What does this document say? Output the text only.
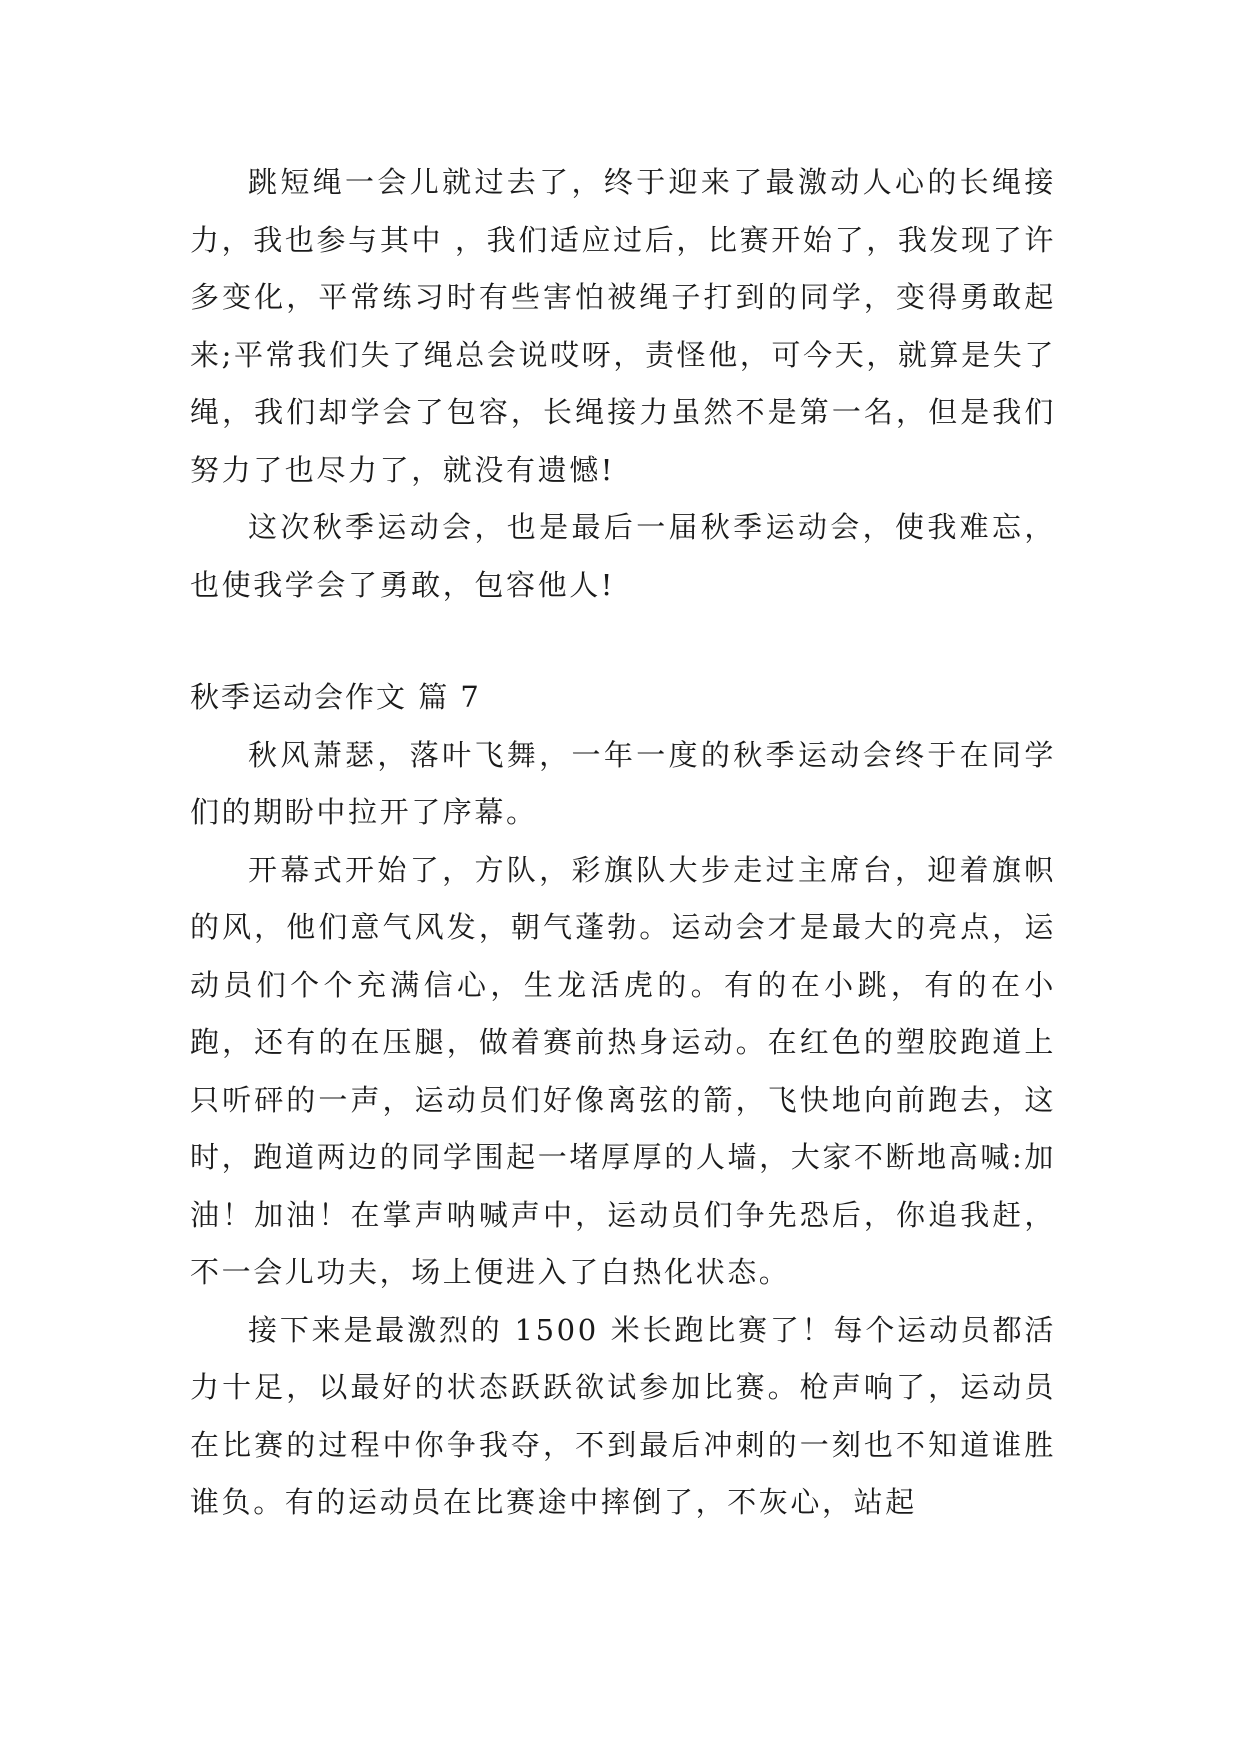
跳短绳一会儿就过去了，终于迎来了最激动人心的长绳接力，我也参与其中 ，我们适应过后，比赛开始了，我发现了许多变化，平常练习时有些害怕被绳子打到的同学，变得勇敢起来;平常我们失了绳总会说哎呀，责怪他，可今天，就算是失了绳，我们却学会了包容，长绳接力虽然不是第一名，但是我们努力了也尽力了，就没有遗憾!

这次秋季运动会，也是最后一届秋季运动会，使我难忘，也使我学会了勇敢，包容他人!

秋季运动会作文 篇 7

秋风萧瑟，落叶飞舞，一年一度的秋季运动会终于在同学们的期盼中拉开了序幕。

开幕式开始了，方队，彩旗队大步走过主席台，迎着旗帜的风，他们意气风发，朝气蓬勃。运动会才是最大的亮点，运动员们个个充满信心，生龙活虎的。有的在小跳，有的在小跑，还有的在压腿，做着赛前热身运动。在红色的塑胶跑道上只听砰的一声，运动员们好像离弦的箭，飞快地向前跑去，这时，跑道两边的同学围起一堵厚厚的人墙，大家不断地高喊:加油！加油！在掌声呐喊声中，运动员们争先恐后，你追我赶，不一会儿功夫，场上便进入了白热化状态。

接下来是最激烈的 1500 米长跑比赛了！每个运动员都活力十足，以最好的状态跃跃欲试参加比赛。枪声响了，运动员在比赛的过程中你争我夺，不到最后冲刺的一刻也不知道谁胜谁负。有的运动员在比赛途中摔倒了，不灰心，站起
